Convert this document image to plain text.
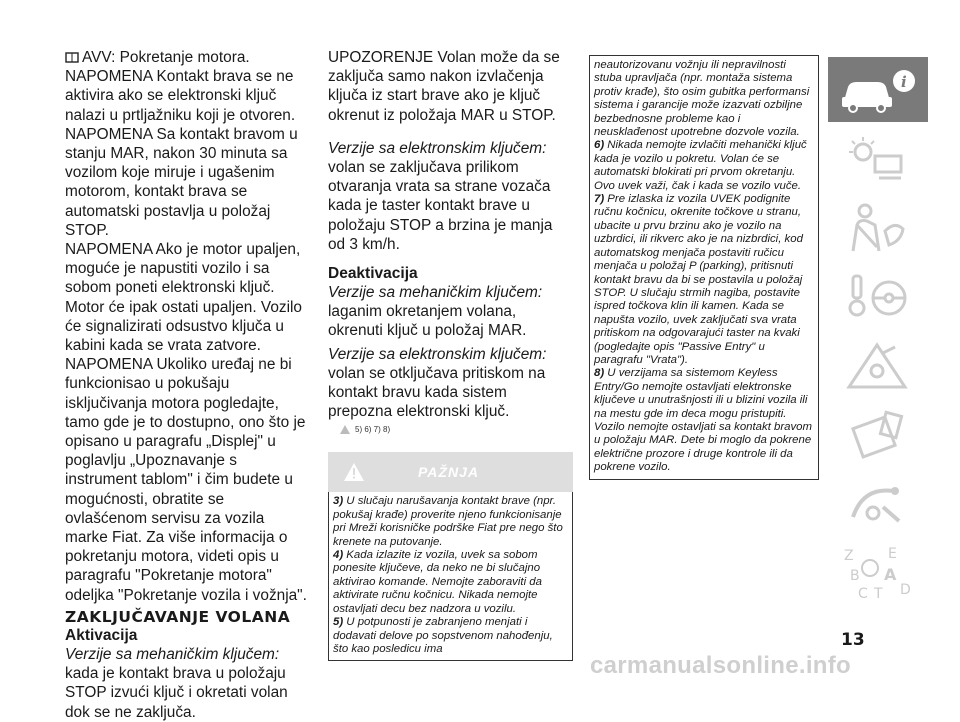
AVV: Pokretanje motora.

NAPOMENA Kontakt brava se ne aktivira ako se elektronski ključ nalazi u prtljažniku koji je otvoren.

NAPOMENA Sa kontakt bravom u stanju MAR, nakon 30 minuta sa vozilom koje miruje i ugašenim motorom, kontakt brava se automatski postavlja u položaj STOP.

NAPOMENA Ako je motor upaljen, moguće je napustiti vozilo i sa sobom poneti elektronski ključ. Motor će ipak ostati upaljen. Vozilo će signalizirati odsustvo ključa u kabini kada se vrata zatvore.

NAPOMENA Ukoliko uređaj ne bi funkcionisao u pokušaju isključivanja motora pogledajte, tamo gde je to dostupno, ono što je opisano u paragrafu „Displej" u poglavlju „Upoznavanje s instrument tablom" i čim budete u mogućnosti, obratite se ovlašćenom servisu za vozila marke Fiat. Za više informacija o pokretanju motora, videti opis u paragrafu "Pokretanje motora" odeljka "Pokretanje vozila i vožnja".

ZAKLJUČAVANJE VOLANA

Aktivacija

Verzije sa mehaničkim ključem: kada je kontakt brava u položaju STOP izvući ključ i okretati volan dok se ne zaključa.

UPOZORENJE Volan može da se zaključa samo nakon izvlačenja ključa iz start brave ako je ključ okrenut iz položaja MAR u STOP.

Verzije sa elektronskim ključem: volan se zaključava prilikom otvaranja vrata sa strane vozača kada je taster kontakt brave u položaju STOP a brzina je manja od 3 km/h.

Deaktivacija

Verzije sa mehaničkim ključem: laganim okretanjem volana, okrenuti ključ u položaj MAR.

Verzije sa elektronskim ključem:
volan se otključava pritiskom na kontakt bravu kada sistem prepozna elektronski ključ.

5) 6) 7) 8)
PAŽNJA

3) U slučaju narušavanja kontakt brave (npr. pokušaj krađe) proverite njeno funkcionisanje pri Mreži korisničke podrške Fiat pre nego što krenete na putovanje.

4) Kada izlazite iz vozila, uvek sa sobom ponesite ključeve, da neko ne bi slučajno aktivirao komande. Nemojte zaboraviti da aktivirate ručnu kočnicu. Nikada nemojte ostavljati decu bez nadzora u vozilu.

5) U potpunosti je zabranjeno menjati i dodavati delove po sopstvenom nahođenju, što kao posledicu ima

neautorizovanu vožnju ili nepravilnosti stuba upravljača (npr. montaža sistema protiv krađe), što osim gubitka performansi sistema i garancije može izazvati ozbiljne bezbednosne probleme kao i neusklađenost upotrebne dozvole vozila.

6) Nikada nemojte izvlačiti mehanički ključ kada je vozilo u pokretu. Volan će se automatski blokirati pri prvom okretanju. Ovo uvek važi, čak i kada se vozilo vuče.

7) Pre izlaska iz vozila UVEK podignite ručnu kočnicu, okrenite točkove u stranu, ubacite u prvu brzinu ako je vozilo na uzbrdici, ili rikverc ako je na nizbrdici, kod automatskog menjača postaviti ručicu menjača u položaj P (parking), pritisnuti kontakt bravu da bi se postavila u položaj STOP. U slučaju strmih nagiba, postavite ispred točkova klin ili kamen. Kada se napušta vozilo, uvek zaključati sva vrata pritiskom na odgovarajući taster na kvaki (pogledajte opis "Passive Entry" u paragrafu "Vrata").

8) U verzijama sa sistemom Keyless Entry/Go nemojte ostavljati elektronske ključeve u unutrašnjosti ili u blizini vozila ili na mestu gde im deca mogu pristupiti. Vozilo nemojte ostavljati sa kontakt bravom u položaju MAR. Dete bi moglo da pokrene električne prozore i druge kontrole ili da pokrene vozilo.

i
Z E
B A
C T D
13
carmanualsonline.info
